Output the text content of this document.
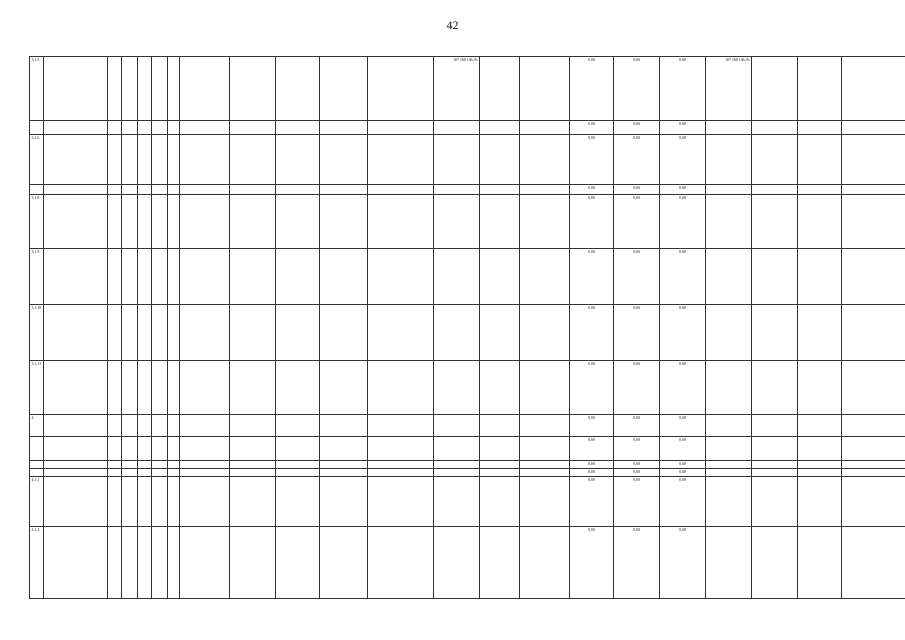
42
3.1.5												107 160 146,33			0,00	0,00	0,00	107 160 146,33			
															0,00	0,00	0,00				
3.1.6															0,00	0,00	0,00				
															0,00	0,00	0,00				
3.1.8															0,00	0,00	0,00				
3.1.9															0,00	0,00	0,00				
3.1.10															0,00	0,00	0,00				
3.1.11															0,00	0,00	0,00				
4															0,00	0,00	0,00				
															0,00	0,00	0,00				
															0,00	0,00	0,00				
															0,00	0,00	0,00				
4.1.1															0,00	0,00	0,00				
4.1.2															0,00	0,00	0,00				
